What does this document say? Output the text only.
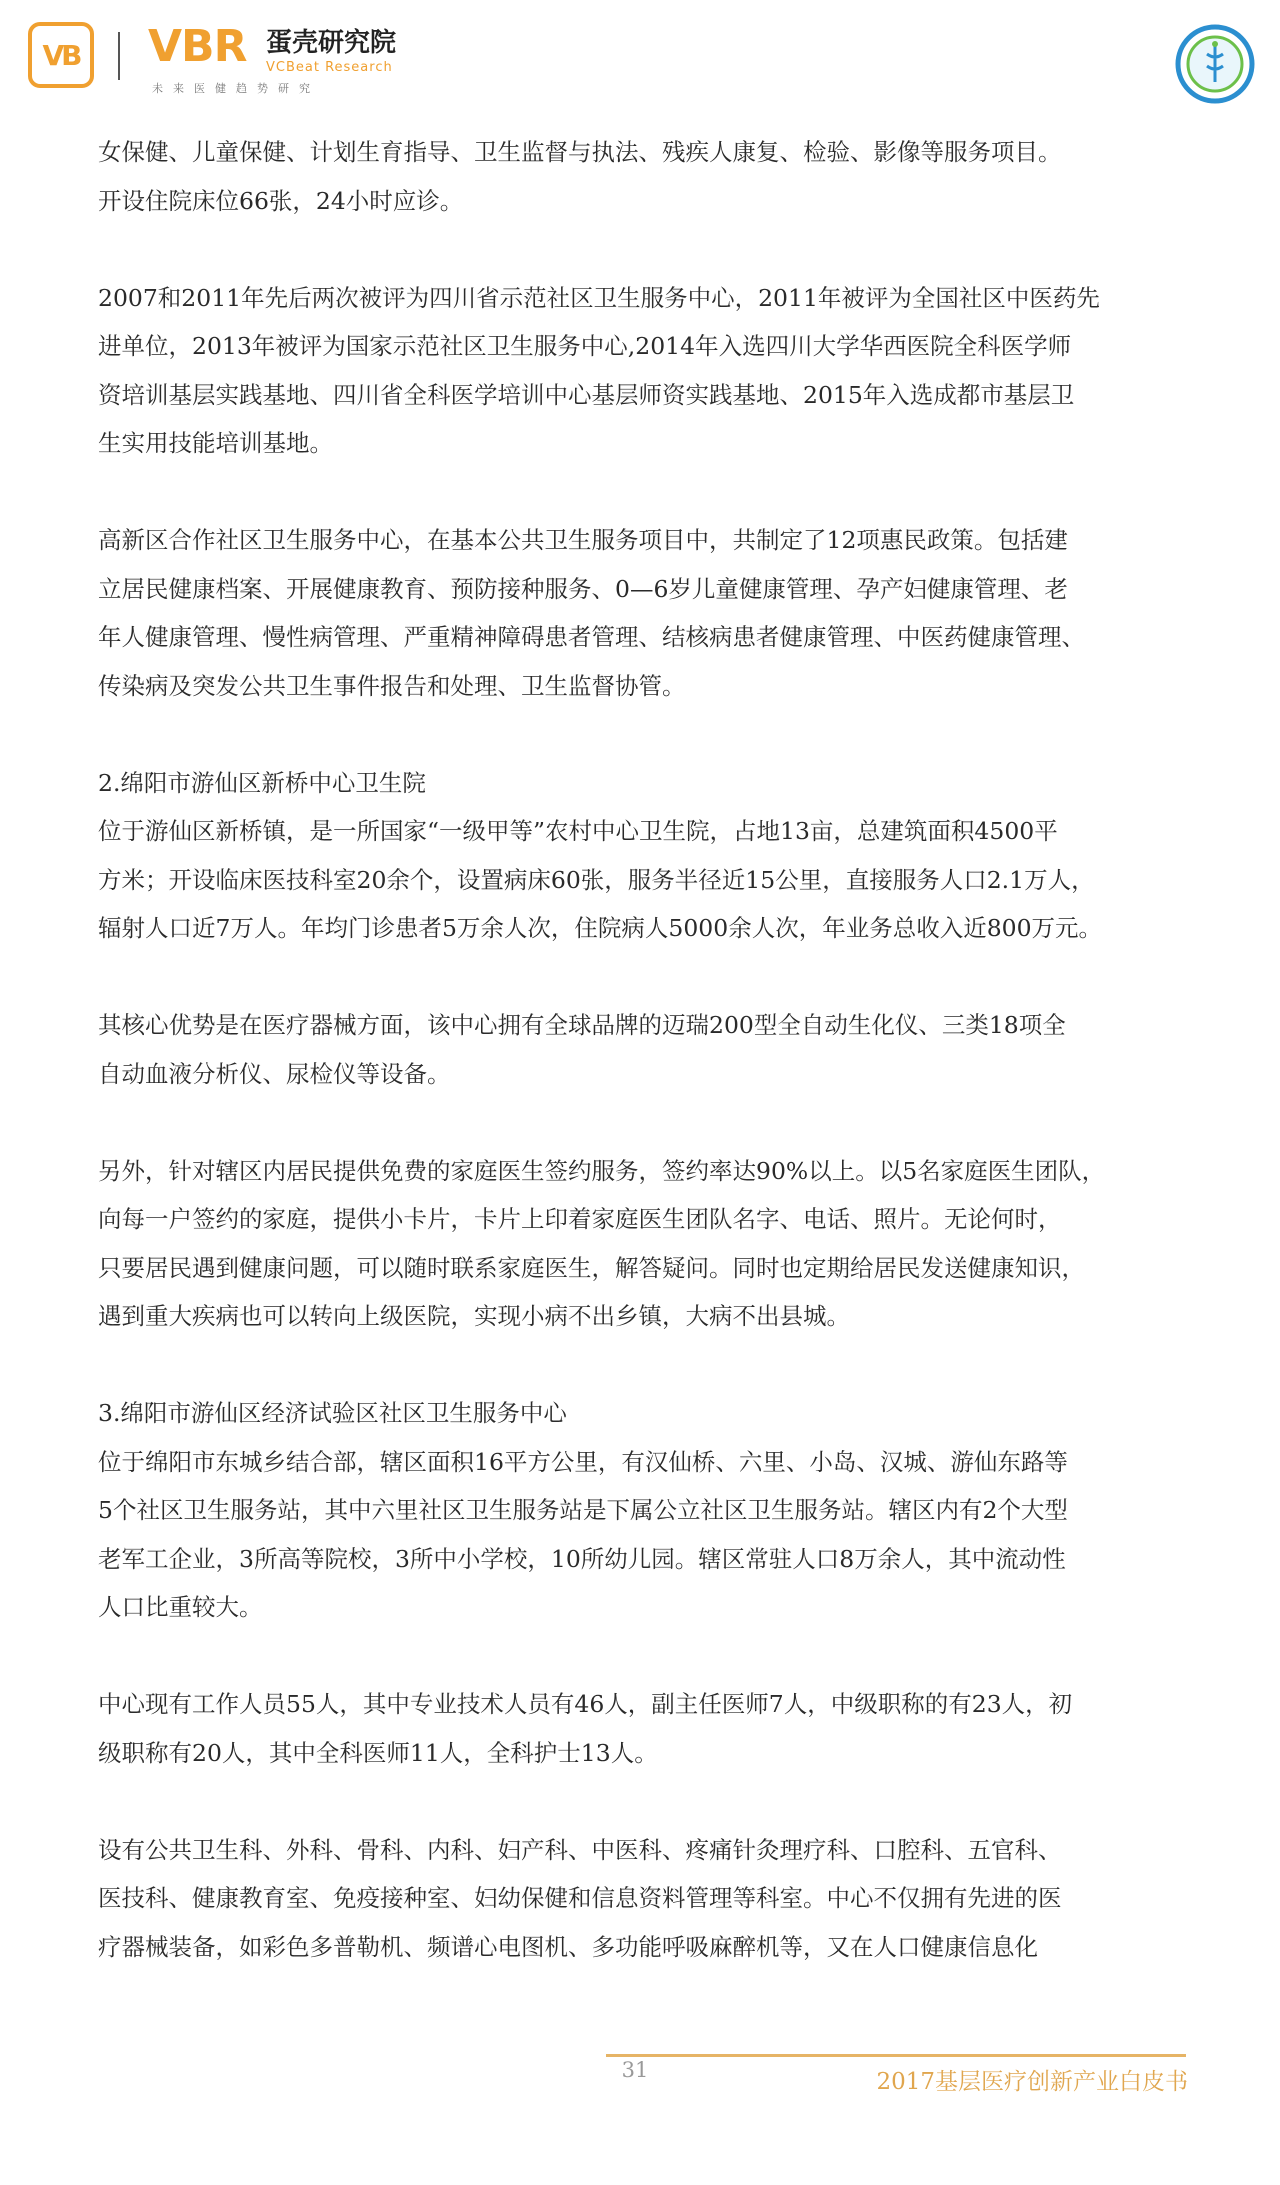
VB VBR 蛋壳研究院
VCBeat Research
未来医健趋势研究

女保健、儿童保健、计划生育指导、卫生监督与执法、残疾人康复、检验、影像等服务项目。

开设住院床位66张，24小时应诊。

2007和2011年先后两次被评为四川省示范社区卫生服务中心，2011年被评为全国社区中医药先

进单位，2013年被评为国家示范社区卫生服务中心,2014年入选四川大学华西医院全科医学师

资培训基层实践基地、四川省全科医学培训中心基层师资实践基地、2015年入选成都市基层卫

生实用技能培训基地。

高新区合作社区卫生服务中心，在基本公共卫生服务项目中，共制定了12项惠民政策。包括建

立居民健康档案、开展健康教育、预防接种服务、0—6岁儿童健康管理、孕产妇健康管理、老

年人健康管理、慢性病管理、严重精神障碍患者管理、结核病患者健康管理、中医药健康管理、

传染病及突发公共卫生事件报告和处理、卫生监督协管。

2.绵阳市游仙区新桥中心卫生院

位于游仙区新桥镇，是一所国家“一级甲等”农村中心卫生院，占地13亩，总建筑面积4500平

方米；开设临床医技科室20余个，设置病床60张，服务半径近15公里，直接服务人口2.1万人，

辐射人口近7万人。年均门诊患者5万余人次，住院病人5000余人次，年业务总收入近800万元。

其核心优势是在医疗器械方面，该中心拥有全球品牌的迈瑞200型全自动生化仪、三类18项全

自动血液分析仪、尿检仪等设备。

另外，针对辖区内居民提供免费的家庭医生签约服务，签约率达90%以上。以5名家庭医生团队，

向每一户签约的家庭，提供小卡片，卡片上印着家庭医生团队名字、电话、照片。无论何时，

只要居民遇到健康问题，可以随时联系家庭医生，解答疑问。同时也定期给居民发送健康知识，

遇到重大疾病也可以转向上级医院，实现小病不出乡镇，大病不出县城。

3.绵阳市游仙区经济试验区社区卫生服务中心

位于绵阳市东城乡结合部，辖区面积16平方公里，有汉仙桥、六里、小岛、汉城、游仙东路等

5个社区卫生服务站，其中六里社区卫生服务站是下属公立社区卫生服务站。辖区内有2个大型

老军工企业，3所高等院校，3所中小学校，10所幼儿园。辖区常驻人口8万余人，其中流动性

人口比重较大。

中心现有工作人员55人，其中专业技术人员有46人，副主任医师7人，中级职称的有23人，初

级职称有20人，其中全科医师11人，全科护士13人。

设有公共卫生科、外科、骨科、内科、妇产科、中医科、疼痛针灸理疗科、口腔科、五官科、

医技科、健康教育室、免疫接种室、妇幼保健和信息资料管理等科室。中心不仅拥有先进的医

疗器械装备，如彩色多普勒机、频谱心电图机、多功能呼吸麻醉机等，又在人口健康信息化

31	2017基层医疗创新产业白皮书
